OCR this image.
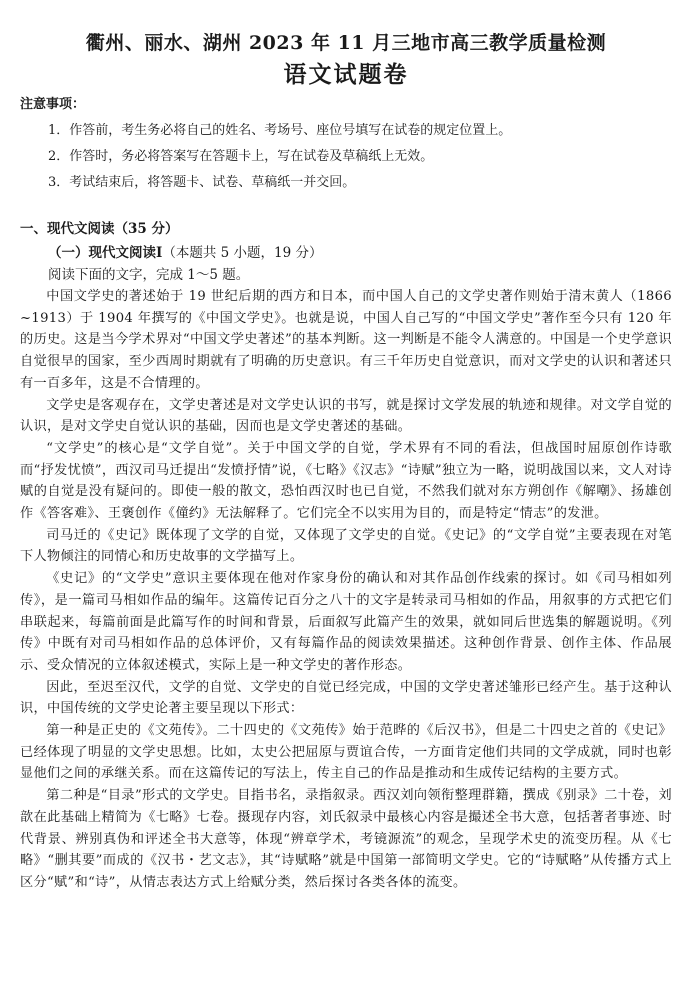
衢州、丽水、湖州 2023 年 11 月三地市高三教学质量检测
语文试题卷
注意事项：
1．作答前，考生务必将自己的姓名、考场号、座位号填写在试卷的规定位置上。
2．作答时，务必将答案写在答题卡上，写在试卷及草稿纸上无效。
3．考试结束后，将答题卡、试卷、草稿纸一并交回。
一、现代文阅读（35 分）
（一）现代文阅读Ⅰ（本题共 5 小题，19 分）
阅读下面的文字，完成 1～5 题。

中国文学史的著述始于 19 世纪后期的西方和日本，而中国人自己的文学史著作则始于清末黄人（1866~1913）于 1904 年撰写的《中国文学史》。也就是说，中国人自己写的“中国文学史”著作至今只有 120 年的历史。这是当今学术界对“中国文学史著述”的基本判断。这一判断是不能令人满意的。中国是一个史学意识自觉很早的国家，至少西周时期就有了明确的历史意识。有三千年历史自觉意识，而对文学史的认识和著述只有一百多年，这是不合情理的。

文学史是客观存在，文学史著述是对文学史认识的书写，就是探讨文学发展的轨迹和规律。对文学自觉的认识，是对文学史自觉认识的基础，因而也是文学史著述的基础。

“文学史”的核心是“文学自觉”。关于中国文学的自觉，学术界有不同的看法，但战国时屈原创作诗歌而“抒发忧愤”，西汉司马迁提出“发愤抒情”说，《七略》《汉志》“诗赋”独立为一略，说明战国以来，文人对诗赋的自觉是没有疑问的。即使一般的散文，恐怕西汉时也已自觉，不然我们就对东方朔创作《解嘲》、扬雄创作《答客难》、王褒创作《僮约》无法解释了。它们完全不以实用为目的，而是特定“情志”的发泄。

司马迁的《史记》既体现了文学的自觉，又体现了文学史的自觉。《史记》的“文学自觉”主要表现在对笔下人物倾注的同情心和历史故事的文学描写上。

《史记》的“文学史”意识主要体现在他对作家身份的确认和对其作品创作线索的探讨。如《司马相如列传》，是一篇司马相如作品的编年。这篇传记百分之八十的文字是转录司马相如的作品，用叙事的方式把它们串联起来，每篇前面是此篇写作的时间和背景，后面叙写此篇产生的效果，就如同后世选集的解题说明。《列传》中既有对司马相如作品的总体评价，又有每篇作品的阅读效果描述。这种创作背景、创作主体、作品展示、受众情况的立体叙述模式，实际上是一种文学史的著作形态。

因此，至迟至汉代，文学的自觉、文学史的自觉已经完成，中国的文学史著述雏形已经产生。基于这种认识，中国传统的文学史论著主要呈现以下形式：

第一种是正史的《文苑传》。二十四史的《文苑传》始于范晔的《后汉书》，但是二十四史之首的《史记》已经体现了明显的文学史思想。比如，太史公把屈原与贾谊合传，一方面肯定他们共同的文学成就，同时也彰显他们之间的承继关系。而在这篇传记的写法上，传主自己的作品是推动和生成传记结构的主要方式。

第二种是“目录”形式的文学史。目指书名，录指叙录。西汉刘向领衔整理群籍，撰成《别录》二十卷，刘歆在此基础上精简为《七略》七卷。摄现存内容，刘氏叙录中最核心内容是撮述全书大意，包括著者事迹、时代背景、辨别真伪和评述全书大意等，体现“辨章学术，考镜源流”的观念，呈现学术史的流变历程。从《七略》“删其要”而成的《汉书・艺文志》，其“诗赋略”就是中国第一部简明文学史。它的“诗赋略”从传播方式上区分“赋”和“诗”，从情志表达方式上给赋分类，然后探讨各类各体的流变。
